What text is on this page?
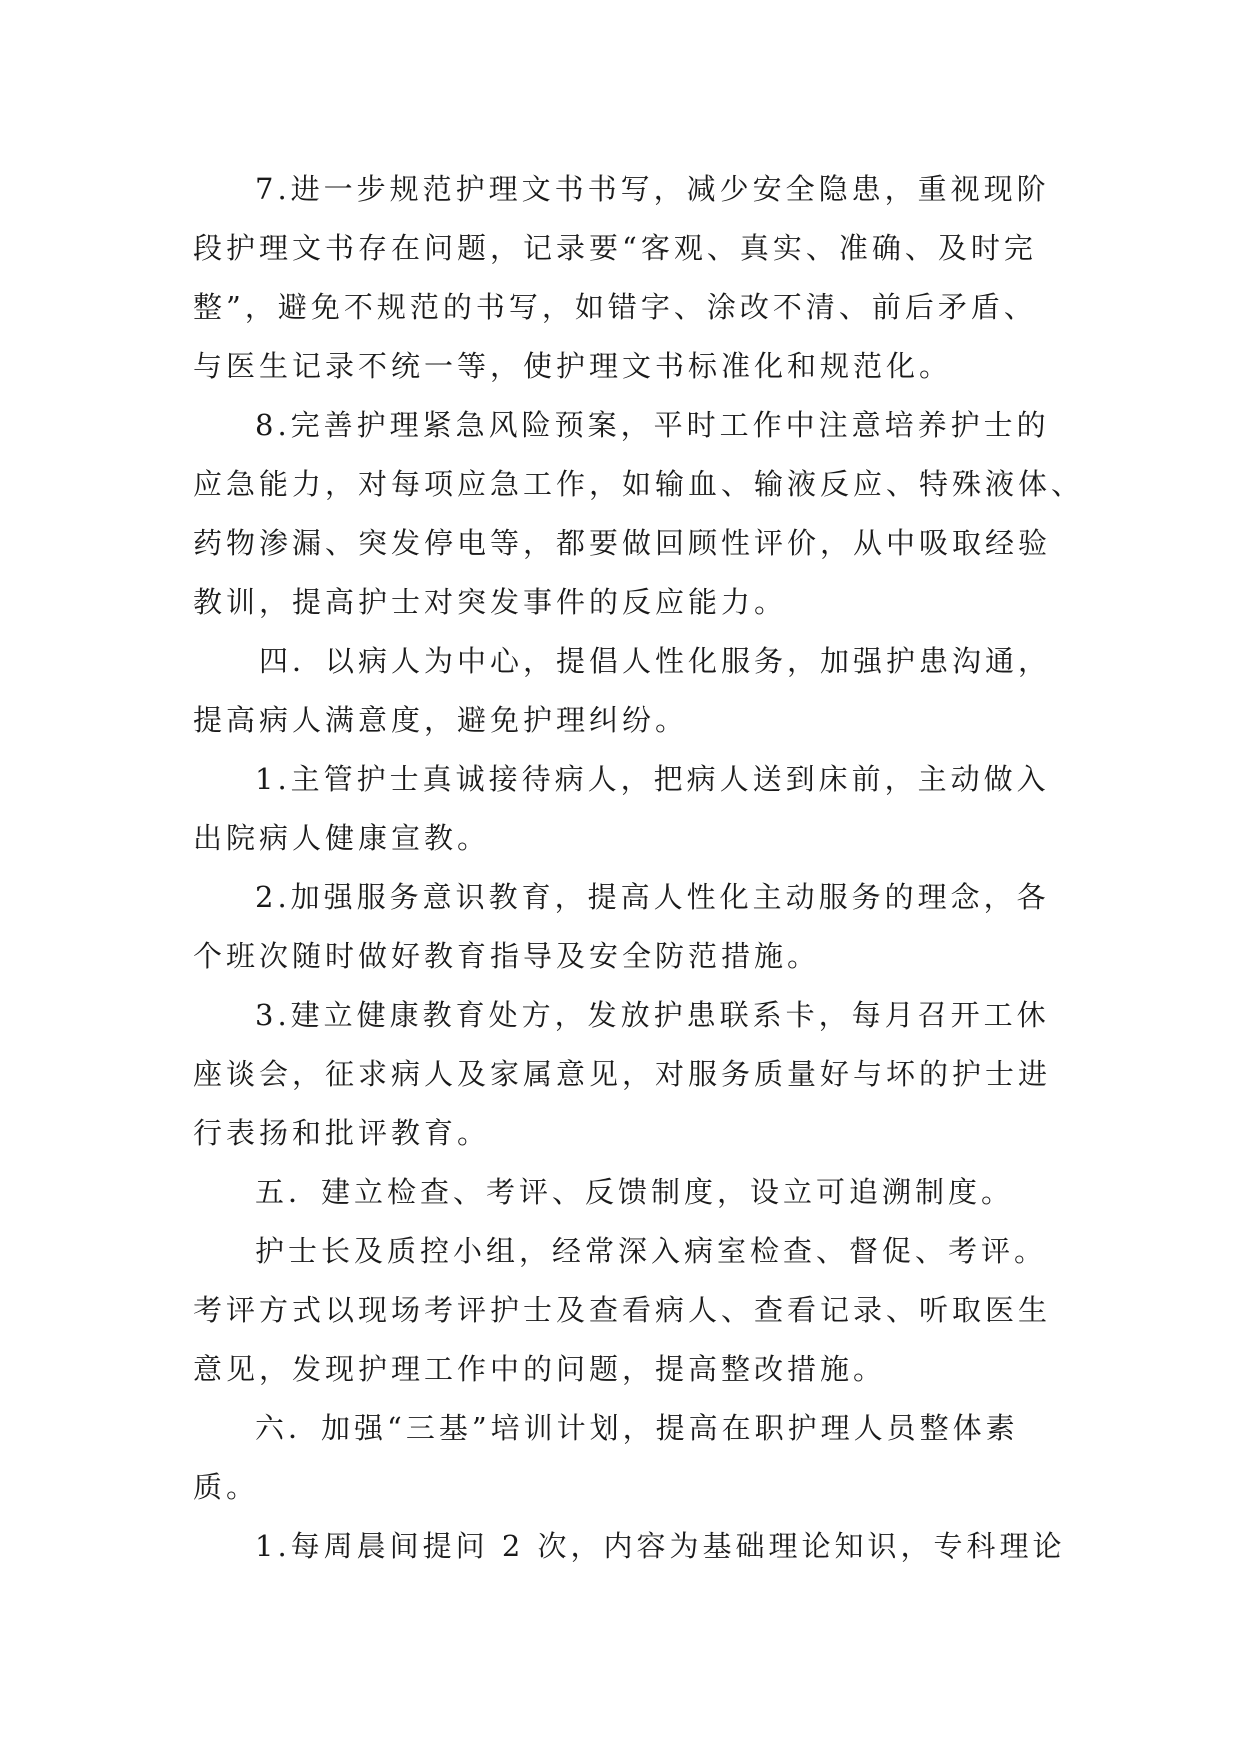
7.进一步规范护理文书书写，减少安全隐患，重视现阶
段护理文书存在问题，记录要“客观、真实、准确、及时完
整”，避免不规范的书写，如错字、涂改不清、前后矛盾、
与医生记录不统一等，使护理文书标准化和规范化。

8.完善护理紧急风险预案，平时工作中注意培养护士的
应急能力，对每项应急工作，如输血、输液反应、特殊液体、
药物渗漏、突发停电等，都要做回顾性评价，从中吸取经验
教训，提高护士对突发事件的反应能力。

四．以病人为中心，提倡人性化服务，加强护患沟通，
提高病人满意度，避免护理纠纷。

1.主管护士真诚接待病人，把病人送到床前，主动做入
出院病人健康宣教。

2.加强服务意识教育，提高人性化主动服务的理念，各
个班次随时做好教育指导及安全防范措施。

3.建立健康教育处方，发放护患联系卡，每月召开工休
座谈会，征求病人及家属意见，对服务质量好与坏的护士进
行表扬和批评教育。

五．建立检查、考评、反馈制度，设立可追溯制度。

护士长及质控小组，经常深入病室检查、督促、考评。
考评方式以现场考评护士及查看病人、查看记录、听取医生
意见，发现护理工作中的问题，提高整改措施。

六．加强“三基”培训计划，提高在职护理人员整体素
质。

1.每周晨间提问 2 次，内容为基础理论知识，专科理论
